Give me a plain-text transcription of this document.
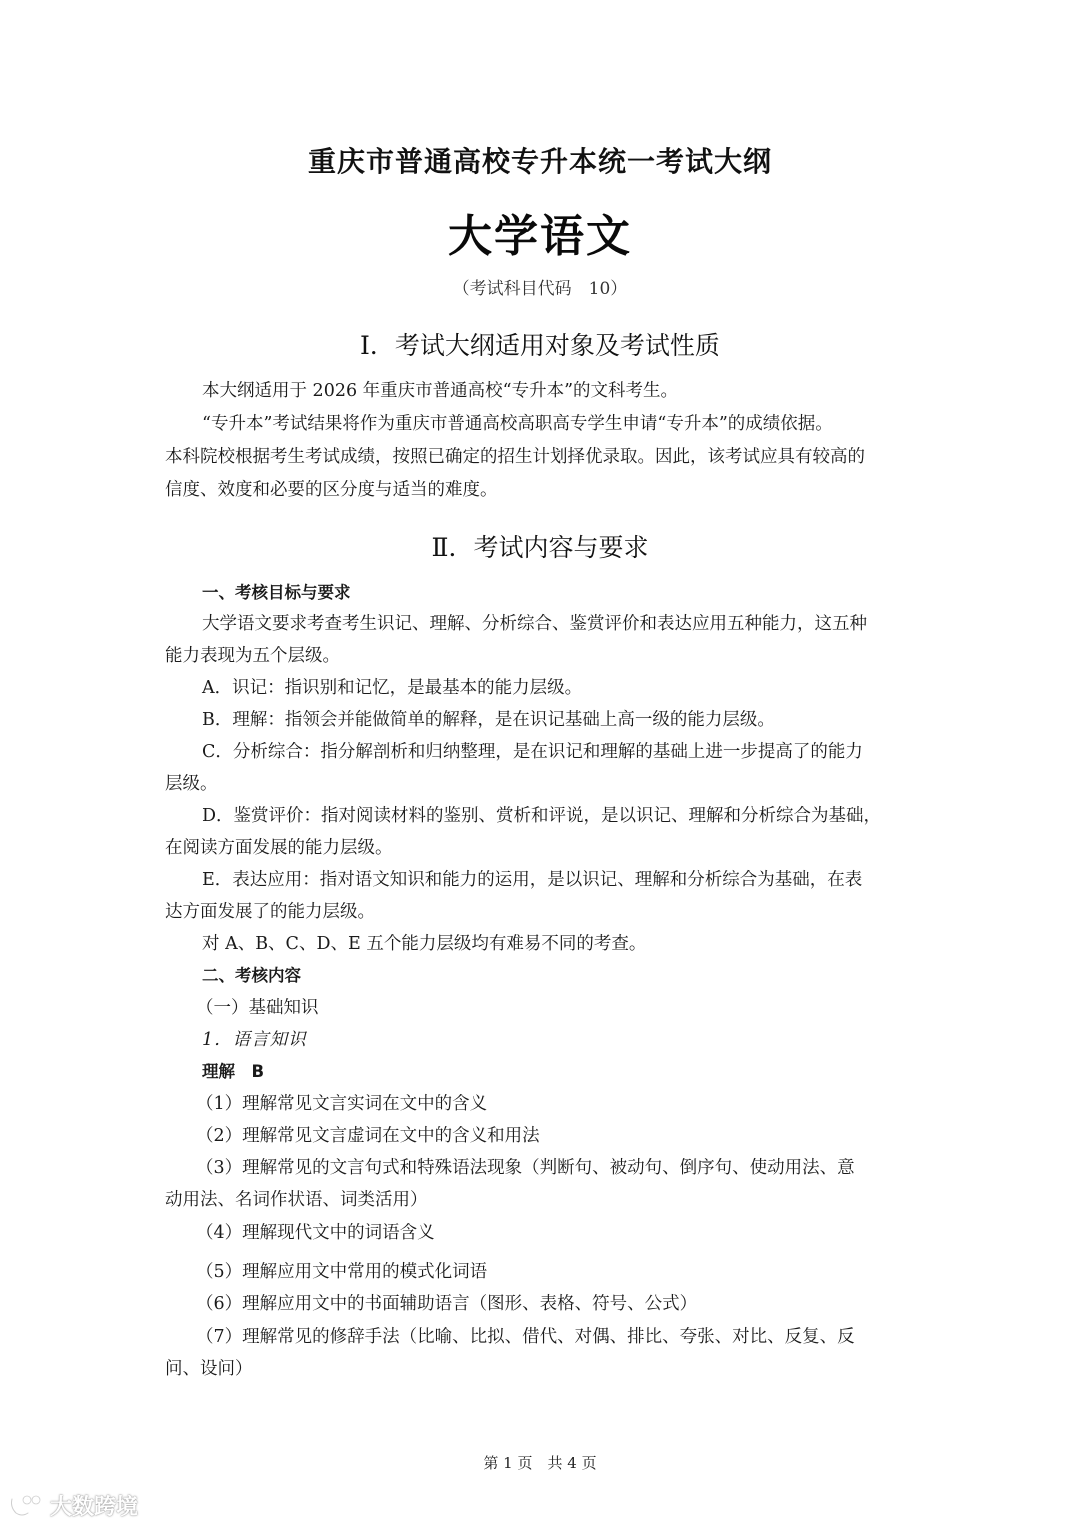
重庆市普通高校专升本统一考试大纲
大学语文
（考试科目代码　10）
Ⅰ．考试大纲适用对象及考试性质
本大纲适用于 2026 年重庆市普通高校“专升本”的文科考生。
“专升本”考试结果将作为重庆市普通高校高职高专学生申请“专升本”的成绩依据。
本科院校根据考生考试成绩，按照已确定的招生计划择优录取。因此，该考试应具有较高的
信度、效度和必要的区分度与适当的难度。
Ⅱ．考试内容与要求
一、考核目标与要求
大学语文要求考查考生识记、理解、分析综合、鉴赏评价和表达应用五种能力，这五种
能力表现为五个层级。
A．识记：指识别和记忆，是最基本的能力层级。
B．理解：指领会并能做简单的解释，是在识记基础上高一级的能力层级。
C．分析综合：指分解剖析和归纳整理，是在识记和理解的基础上进一步提高了的能力
层级。
D．鉴赏评价：指对阅读材料的鉴别、赏析和评说，是以识记、理解和分析综合为基础，
在阅读方面发展的能力层级。
E．表达应用：指对语文知识和能力的运用，是以识记、理解和分析综合为基础，在表
达方面发展了的能力层级。
对 A、B、C、D、E 五个能力层级均有难易不同的考查。
二、考核内容
（一）基础知识
1．语言知识
理解　B
（1）理解常见文言实词在文中的含义
（2）理解常见文言虚词在文中的含义和用法
（3）理解常见的文言句式和特殊语法现象（判断句、被动句、倒序句、使动用法、意
动用法、名词作状语、词类活用）
（4）理解现代文中的词语含义
（5）理解应用文中常用的模式化词语
（6）理解应用文中的书面辅助语言（图形、表格、符号、公式）
（7）理解常见的修辞手法（比喻、比拟、借代、对偶、排比、夸张、对比、反复、反
问、设问）
第 1 页　共 4 页
大数跨境
